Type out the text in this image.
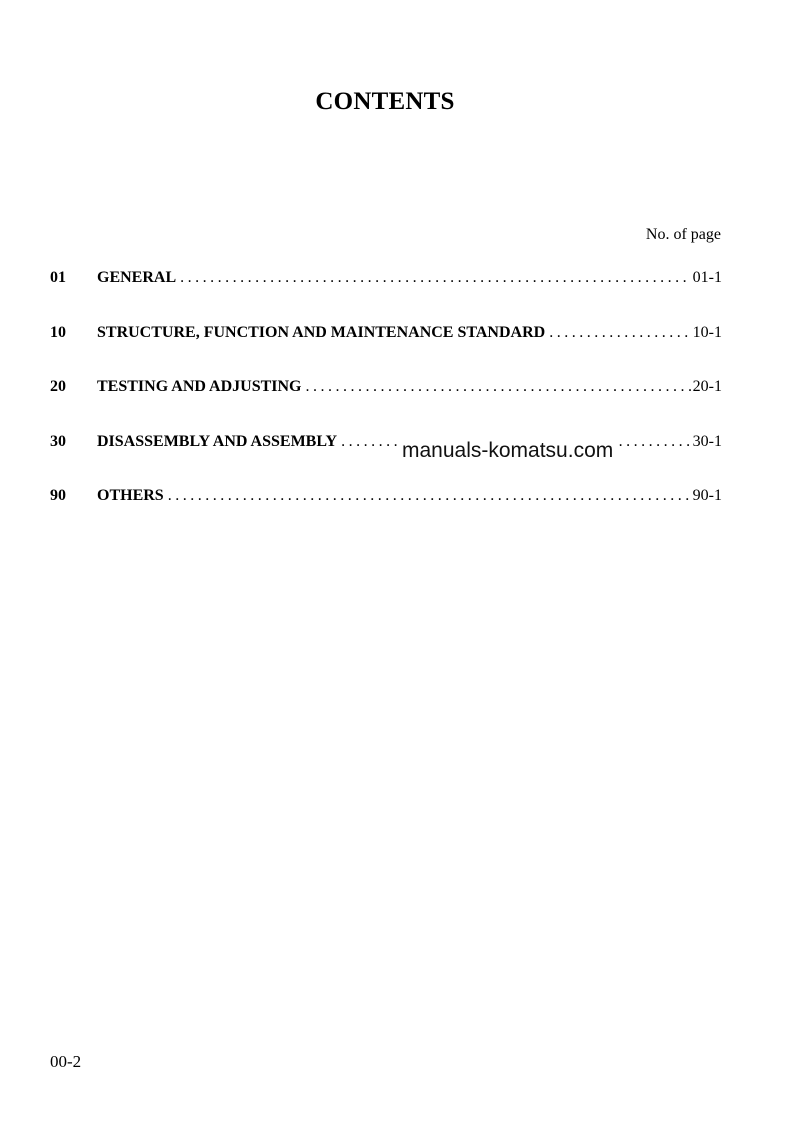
CONTENTS
No. of page
01	GENERAL . . .	01-1
10	STRUCTURE, FUNCTION AND MAINTENANCE STANDARD . . .	10-1
20	TESTING AND ADJUSTING . . .	20-1
30	DISASSEMBLY AND ASSEMBLY . . .	30-1
90	OTHERS . . .	90-1
manuals-komatsu.com
00-2
